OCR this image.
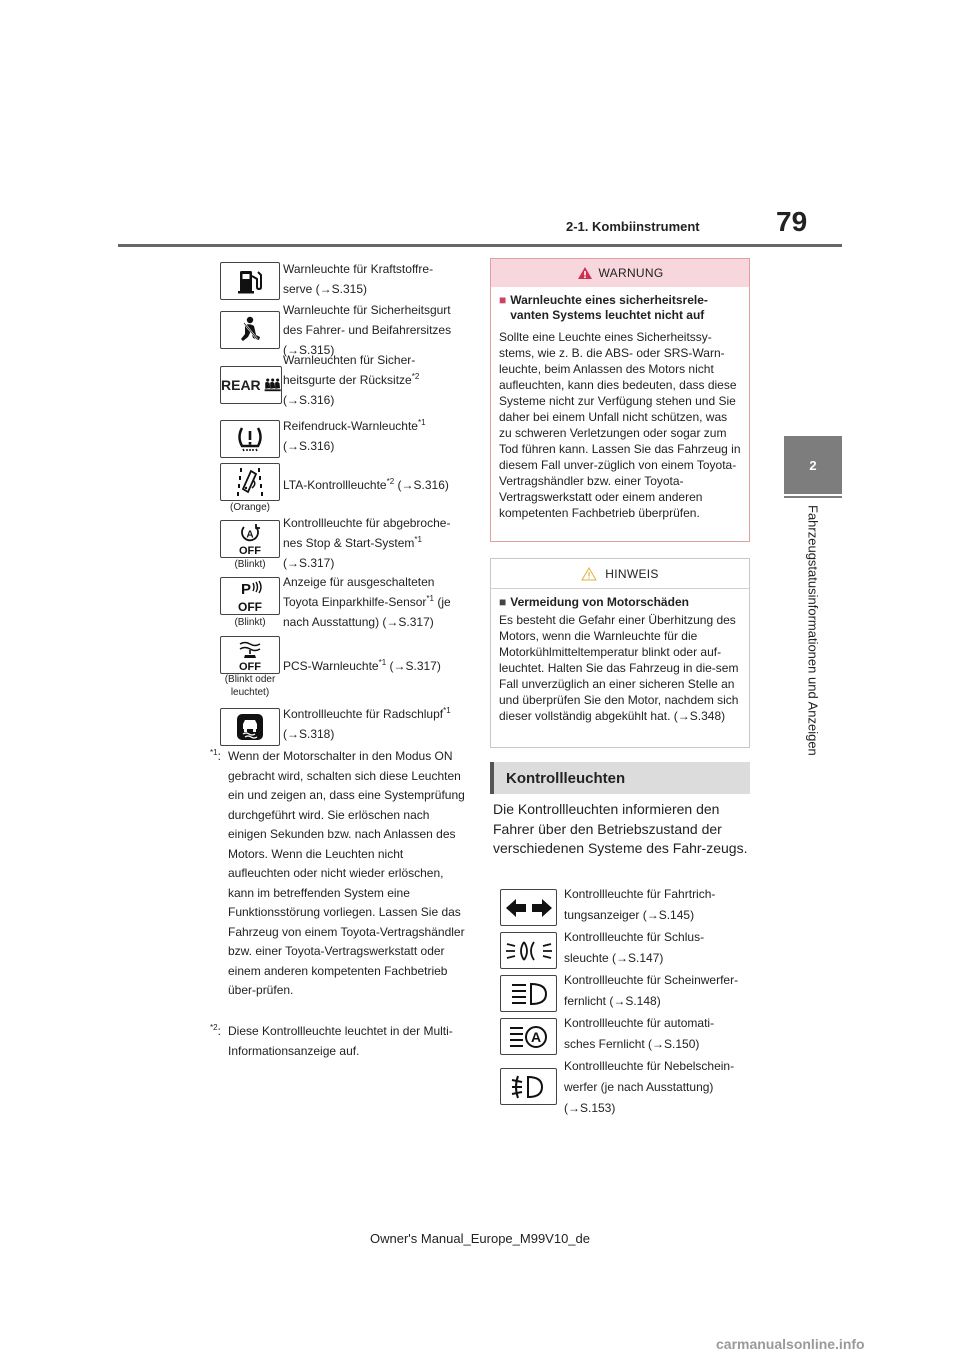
2-1. Kombiinstrument	79
2
Fahrzeugstatusinformationen und Anzeigen
Warnleuchte für Kraftstoffre-
serve (→S.315)
Warnleuchte für Sicherheitsgurt
des Fahrer- und Beifahrersitzes
(→S.315)
REAR
Warnleuchten für Sicher-
heitsgurte der Rücksitze$^{*2}$
(→S.316)
Reifendruck-Warnleuchte$^{*1}$
(→S.316)
(Orange)
LTA-Kontrollleuchte$^{*2}$ (→S.316)
A
OFF
(Blinkt)
Kontrollleuchte für abgebroche-
nes Stop & Start-System$^{*1}$
(→S.317)
P
OFF
(Blinkt)
Anzeige für ausgeschalteten
Toyota Einparkhilfe-Sensor$^{*1}$ (je
nach Ausstattung) (→S.317)
OFF
(Blinkt oder leuchtet)
PCS-Warnleuchte$^{*1}$ (→S.317)
Kontrollleuchte für Radschlupf$^{*1}$
(→S.318)
$^{*1}$: Wenn der Motorschalter in den Modus ON gebracht wird, schalten sich diese Leuchten ein und zeigen an, dass eine Systemprüfung durchgeführt wird. Sie erlöschen nach einigen Sekunden bzw. nach Anlassen des Motors. Wenn die Leuchten nicht aufleuchten oder nicht wieder erlöschen, kann im betreffenden System eine Funktionsstörung vorliegen. Lassen Sie das Fahrzeug von einem Toyota-Vertragshändler bzw. einer Toyota-Vertragswerkstatt oder einem anderen kompetenten Fachbetrieb über-prüfen.
$^{*2}$: Diese Kontrollleuchte leuchtet in der Multi-Informationsanzeige auf.
WARNUNG
■ Warnleuchte eines sicherheitsrele-vanten Systems leuchtet nicht auf
Sollte eine Leuchte eines Sicherheitssy-stems, wie z. B. die ABS- oder SRS-Warn-leuchte, beim Anlassen des Motors nicht aufleuchten, kann dies bedeuten, dass diese Systeme nicht zur Verfügung stehen und Sie daher bei einem Unfall nicht schützen, was zu schweren Verletzungen oder sogar zum Tod führen kann. Lassen Sie das Fahrzeug in diesem Fall unver-züglich von einem Toyota-Vertragshändler bzw. einer Toyota-Vertragswerkstatt oder einem anderen kompetenten Fachbetrieb überprüfen.
HINWEIS
■ Vermeidung von Motorschäden
Es besteht die Gefahr einer Überhitzung des Motors, wenn die Warnleuchte für die Motorkühlmitteltemperatur blinkt oder auf-leuchtet. Halten Sie das Fahrzeug in die-sem Fall unverzüglich an einer sicheren Stelle an und überprüfen Sie den Motor, nachdem sich dieser vollständig abgekühlt hat. (→S.348)
Kontrollleuchten
Die Kontrollleuchten informieren den Fahrer über den Betriebszustand der verschiedenen Systeme des Fahr-zeugs.
Kontrollleuchte für Fahrtrich-
tungsanzeiger (→S.145)
Kontrollleuchte für Schlus-
sleuchte (→S.147)
Kontrollleuchte für Scheinwerfer-
fernlicht (→S.148)
A
Kontrollleuchte für automati-
sches Fernlicht (→S.150)
Kontrollleuchte für Nebelschein-
werfer (je nach Ausstattung)
(→S.153)
Owner's Manual_Europe_M99V10_de
carmanualsonline.info
